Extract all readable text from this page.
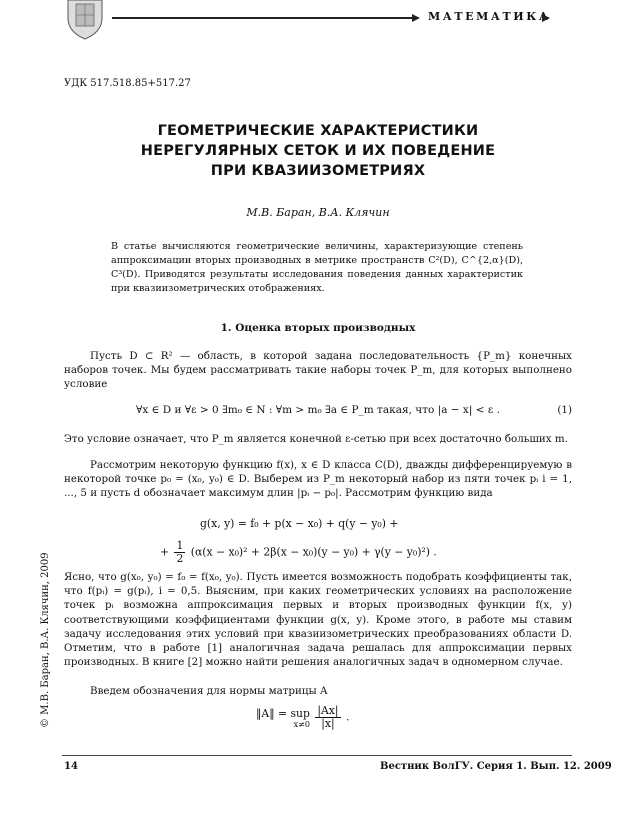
МАТЕМАТИКА
УДК 517.518.85+517.27
ГЕОМЕТРИЧЕСКИЕ ХАРАКТЕРИСТИКИ
НЕРЕГУЛЯРНЫХ СЕТОК И ИХ ПОВЕДЕНИЕ
ПРИ КВАЗИИЗОМЕТРИЯХ
М.В. Баран, В.А. Клячин
В статье вычисляются геометрические величины, характеризующие степень аппроксимации вторых производных в метрике пространств C²(D), C^{2,α}(D), C³(D). Приводятся результаты исследования поведения данных характеристик при квазиизометрических отображениях.
1. Оценка вторых производных
Пусть D ⊂ R² — область, в которой задана последовательность {P_m} конечных наборов точек. Мы будем рассматривать такие наборы точек P_m, для которых выполнено условие
∀x ∈ D и ∀ε > 0 ∃m₀ ∈ N : ∀m > m₀ ∃a ∈ P_m такая, что |a − x| < ε .	(1)
Это условие означает, что P_m является конечной ε-сетью при всех достаточно больших m.
Рассмотрим некоторую функцию f(x), x ∈ D класса C(D), дважды дифференцируемую в некоторой точке p₀ = (x₀, y₀) ∈ D. Выберем из P_m некоторый набор из пяти точек pᵢ i = 1, ..., 5 и пусть d обозначает максимум длин |pᵢ − p₀|. Рассмотрим функцию вида
g(x, y) = f₀ + p(x − x₀) + q(y − y₀) +
+ $\frac{1}{2} (\alpha(x - x_0)^2 + 2\beta(x - x_0)(y - y_0) + \gamma(y - y_0)^2)$ .
Ясно, что g(x₀, y₀) = f₀ = f(x₀, y₀). Пусть имеется возможность подобрать коэффициенты так, что f(pᵢ) = g(pᵢ), i = 0,5. Выясним, при каких геометрических условиях на расположение точек pᵢ возможна аппроксимация первых и вторых производных функции f(x, y) соответствующими коэффициентами функции g(x, y). Кроме этого, в работе мы ставим задачу исследования этих условий при квазиизометрических преобразованиях области D. Отметим, что в работе [1] аналогичная задача решалась для аппроксимации первых производных. В книге [2] можно найти решения аналогичных задач в одномерном случае.
Введем обозначения для нормы матрицы A
‖A‖ = sup
x≠0
$\frac{|Ax|}{|x|}$ .
© М.В. Баран, В.А. Клячин, 2009
14	Вестник ВолГУ. Серия 1. Вып. 12. 2009
